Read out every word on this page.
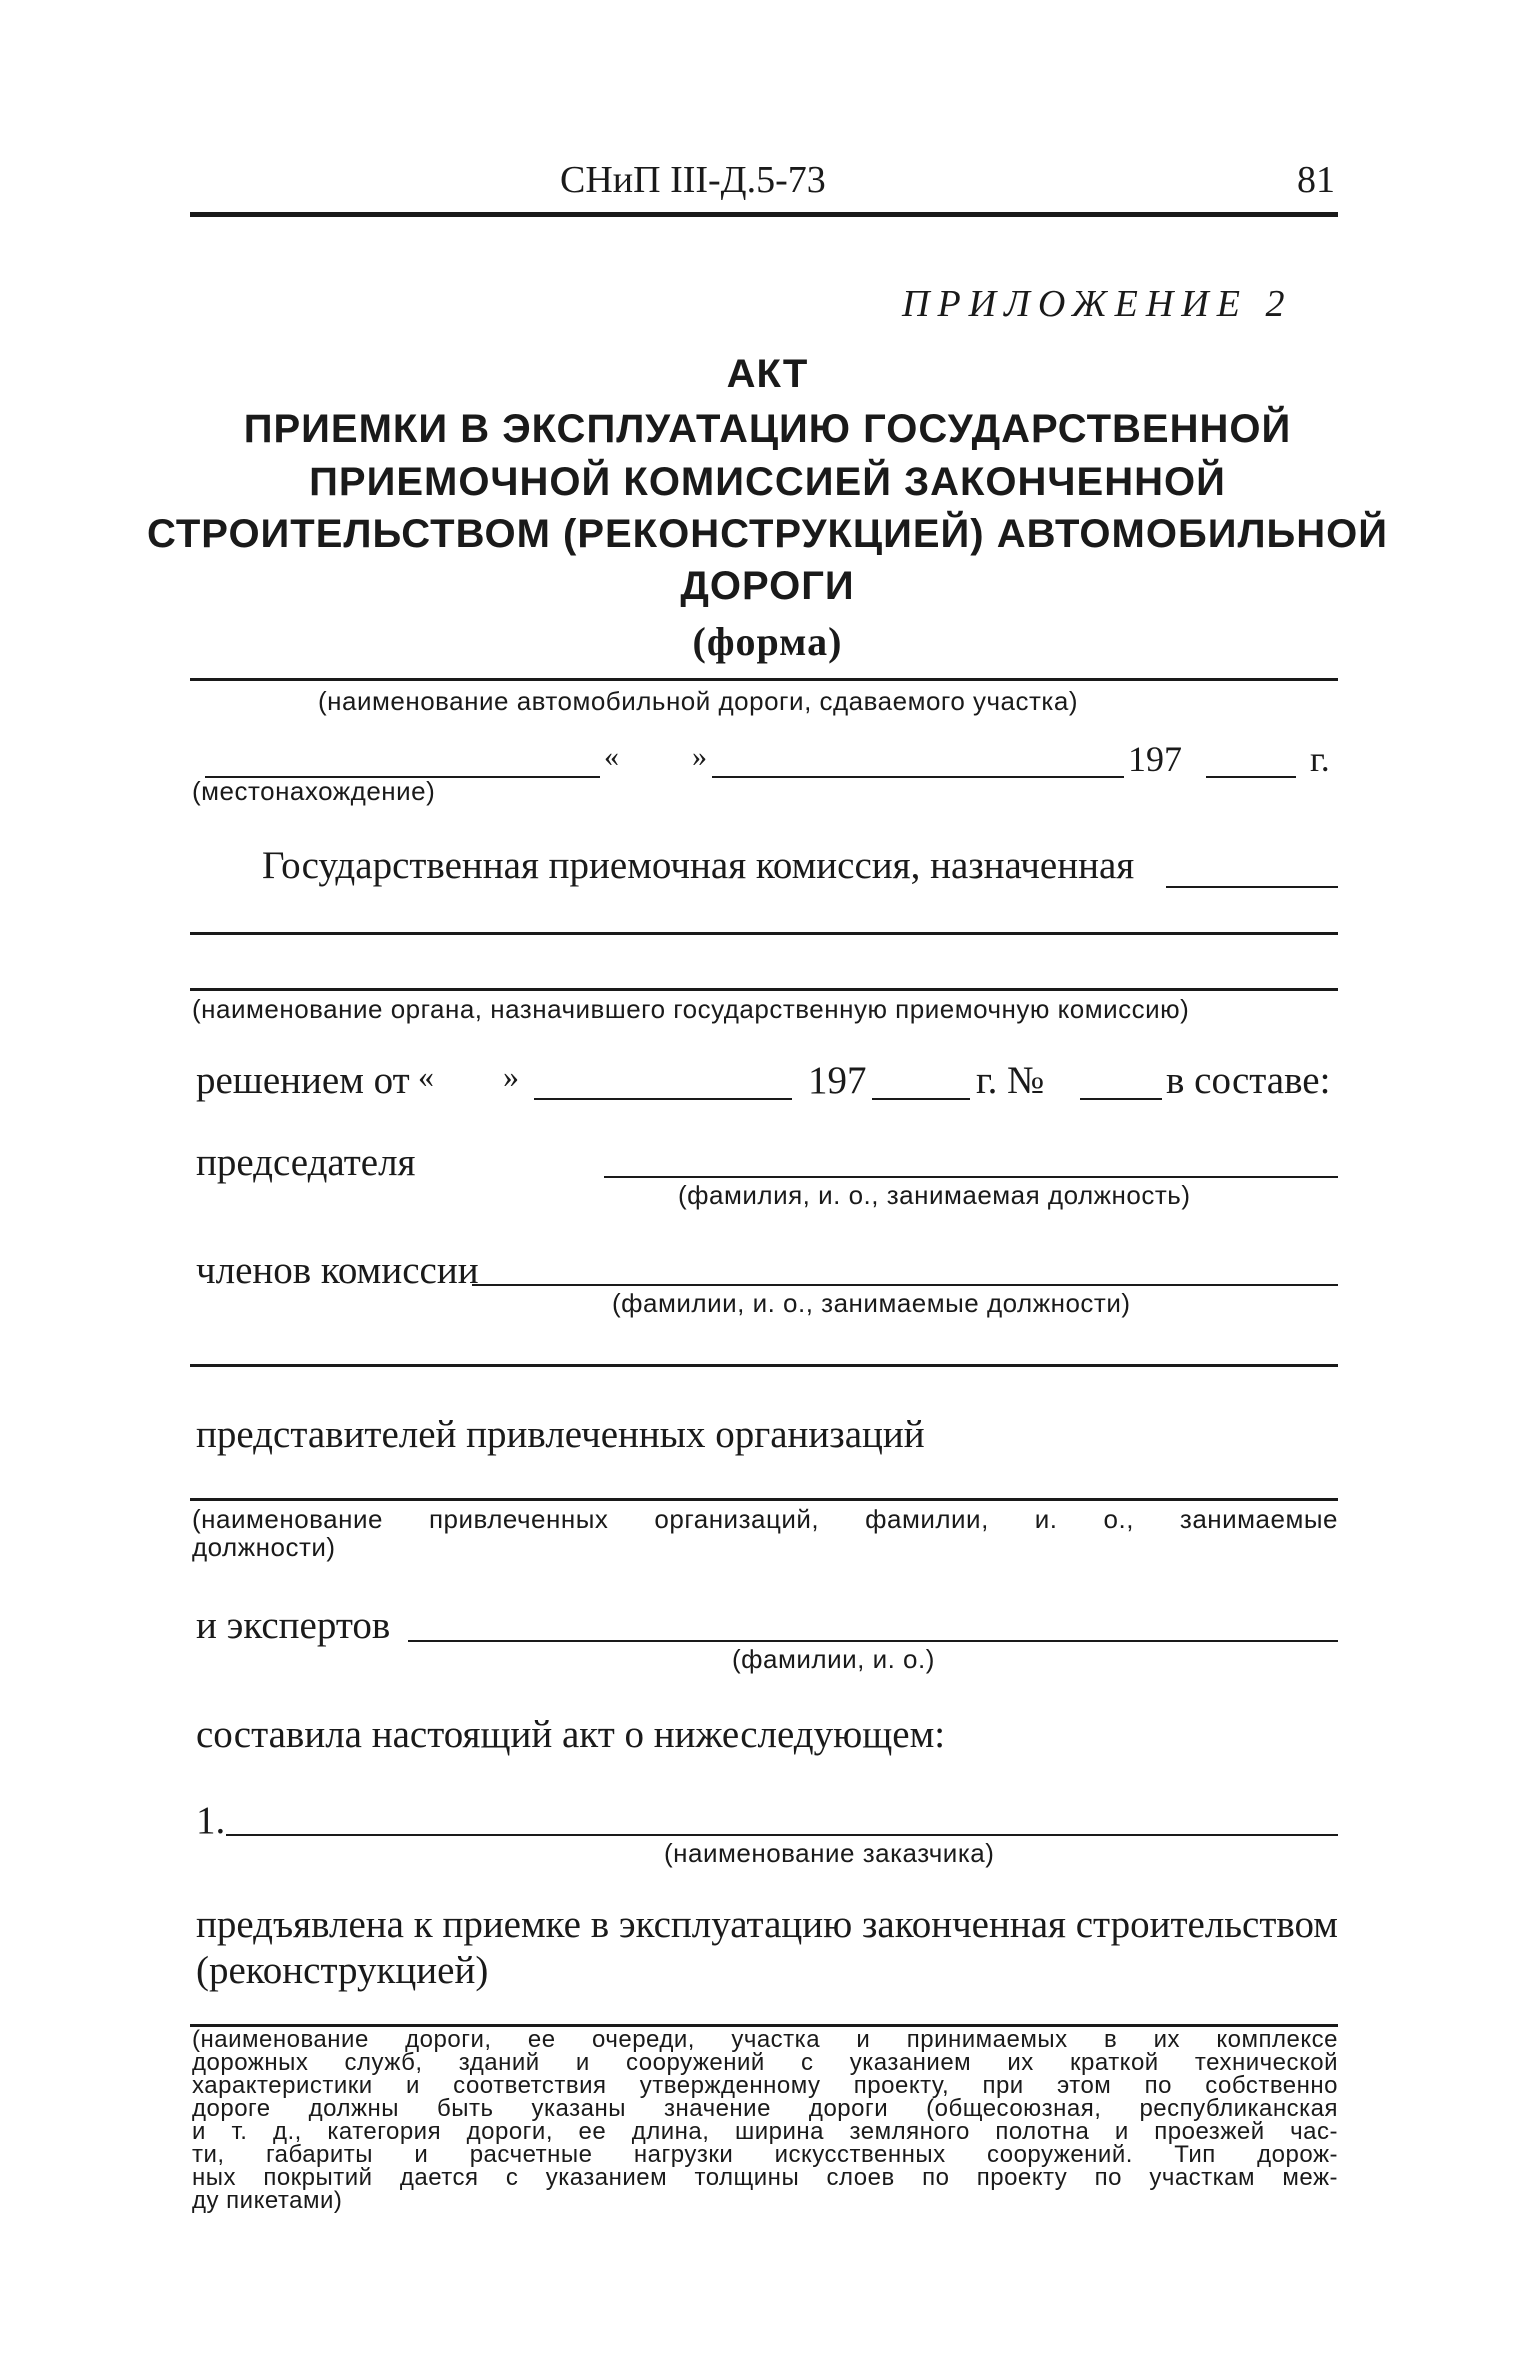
СНиП III-Д.5-73	81
ПРИЛОЖЕНИЕ 2
АКТ
ПРИЕМКИ В ЭКСПЛУАТАЦИЮ ГОСУДАРСТВЕННОЙ
ПРИЕМОЧНОЙ КОМИССИЕЙ ЗАКОНЧЕННОЙ
СТРОИТЕЛЬСТВОМ (РЕКОНСТРУКЦИЕЙ) АВТОМОБИЛЬНОЙ
ДОРОГИ
(форма)
(наименование автомобильной дороги, сдаваемого участка)
« »	197	г.
(местонахождение)
Государственная приемочная комиссия, назначенная
(наименование органа, назначившего государственную приемочную комиссию)
решением от « »	197	г. №	в составе:
председателя
(фамилия, и. о., занимаемая должность)
членов комиссии
(фамилии, и. о., занимаемые должности)
представителей привлеченных организаций
(наименование привлеченных организаций, фамилии, и. о., занимаемые
должности)
и экспертов
(фамилии, и. о.)
составила настоящий акт о нижеследующем:
1.
(наименование заказчика)
предъявлена к приемке в эксплуатацию законченная строительством
(реконструкцией)
(наименование дороги, ее очереди, участка и принимаемых в их комплексе
дорожных служб, зданий и сооружений с указанием их краткой технической
характеристики и соответствия утвержденному проекту, при этом по собственно
дороге должны быть указаны значение дороги (общесоюзная, республиканская
и т. д., категория дороги, ее длина, ширина земляного полотна и проезжей час-
ти, габариты и расчетные нагрузки искусственных сооружений. Тип дорож-
ных покрытий дается с указанием толщины слоев по проекту по участкам меж-
ду пикетами)
